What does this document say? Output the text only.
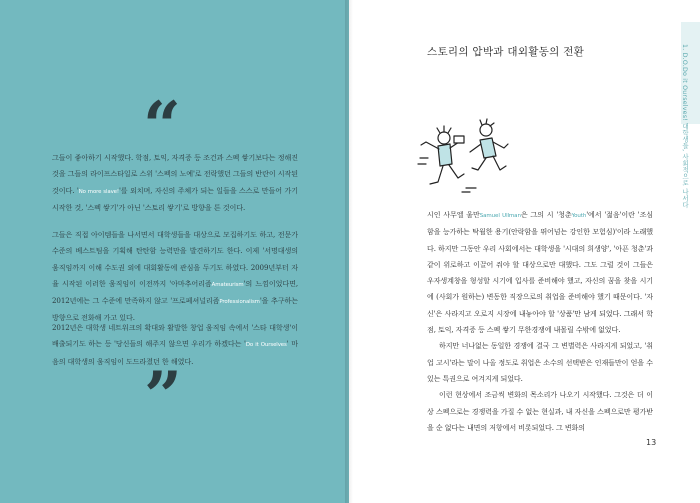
“

그들이 좋아하기 시작했다. 학점, 토익, 자격증 등 조건과 스펙 쌓기보다는 정해진 것을 그들의 라이프스타일로 스위 '스펙의 노예'로 전락했던 그들의 반란이 시작된 것이다. 'No more slave!'를 외치며, 자신의 주체가 되는 일들을 스스로 만들어 가기 시작한 것, '스펙 쌓기'가 아닌 '스토리 쌓기'로 방향을 튼 것이다.

그들은 직접 아이템들을 나서면서 대학생들을 대상으로 모집하기도 하고, 전문가 수준의 베스트팀을 기획해 탄탄함 능력만을 발견하기도 한다. 이제 '서명대생의 움직임까지 이해 수도권 외에 대회활동에 관심을 두기도 하였다. 2009년부터 자율 시작된 이러한 움직임이 이전까지 '아마추어리즘Amateurism'의 느낌이었다면, 2012년에는 그 수준에 만족하지 않고 '프로페셔널리즘Professionalism'을 추구하는 방향으로 전화해 가고 있다.

2012년은 대학생 네트워크의 확대와 활발한 창업 움직임 속에서 '스타 대학생'이 배출되기도 하는 등 '당신들의 해주지 않으면 우리가 하겠다는 'Do it Ourselves' 마음의 대학생의 움직임이 도드라졌던 한 해였다.

”
1. D.O.Do it Ourselves! 대학생들, 사회적으로 나서다
스토리의 압박과 대외활동의 전환

시인 사무엘 울만Samuel Ullman은 그의 시 '청춘Youth'에서 '젊음'이란 '조심함을 능가하는 탁월한 용기(안락함을 뛰어넘는 강인한 모험심)'이라 노래했다. 하지만 그동안 우리 사회에서는 대학생을 '시대의 희생양', '아픈 청춘'과 같이 위로하고 이끌어 줘야 할 대상으로만 대했다. 그도 그럴 것이 그들은 우자생계창을 형성할 시기에 입사를 준비해야 했고, 자신의 꿈을 찾을 시기에 (사회가 원하는) 변동한 직장으로의 취업을 준비해야 했기 때문이다. '자신'은 사라지고 오로지 시장에 내놓아야 할 '상품'만 남게 되었다. 그래서 학점, 토익, 자격증 등 스펙 쌓기 무한경쟁에 내몰릴 수밖에 없었다.

하지만 너나없는 동일한 경쟁에 결국 그 변별력은 사라지게 되었고, '취업 고시'라는 말이 나올 정도로 취업은 소수의 선택받은 인재들만이 얻을 수 있는 특권으로 여겨지게 되었다.

이런 현상에서 조금씩 변화의 목소리가 나오기 시작했다. 그것은 더 이상 스펙으로는 경쟁력을 가질 수 없는 현실과, 내 자신을 스펙으로만 평가받을 순 없다는 내면의 저항에서 비롯되었다. 그 변화의

13
